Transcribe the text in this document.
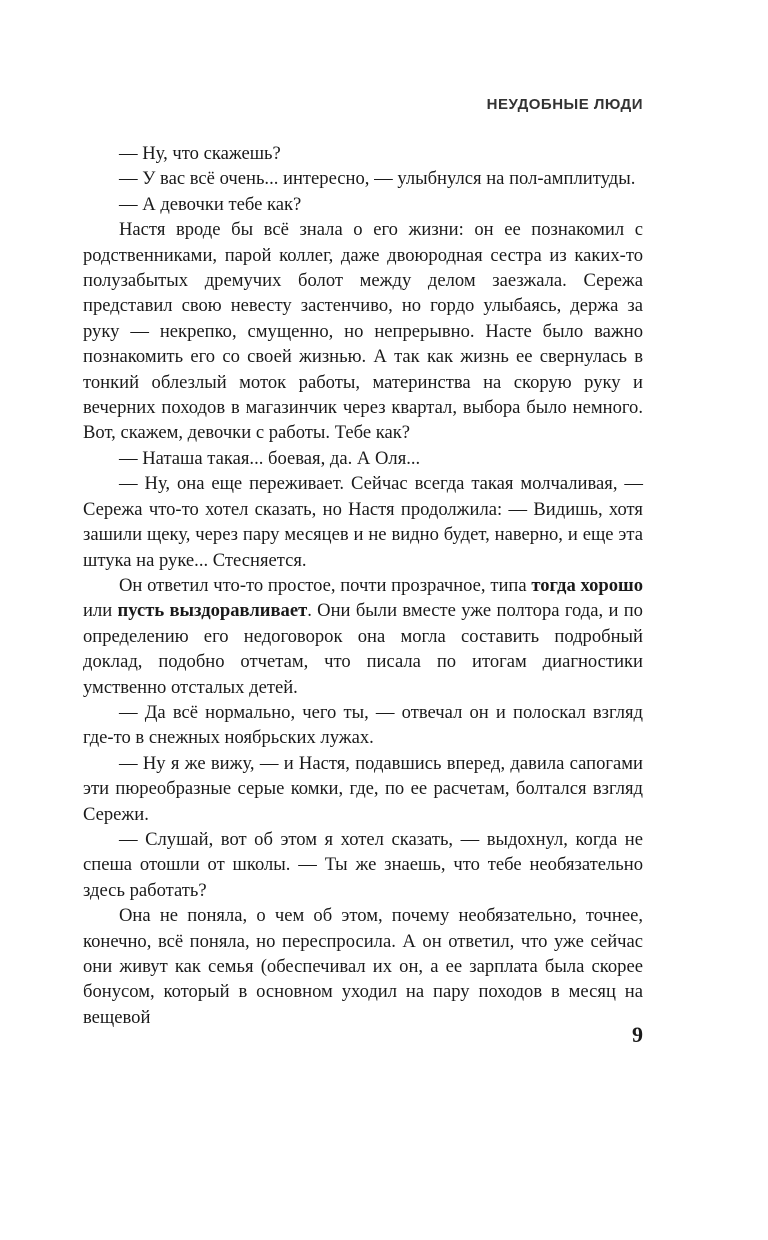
НЕУДОБНЫЕ ЛЮДИ

— Ну, что скажешь?

— У вас всё очень... интересно, — улыбнулся на пол-амплитуды.

— А девочки тебе как?

Настя вроде бы всё знала о его жизни: он ее познакомил с родственниками, парой коллег, даже двоюродная сестра из каких-то полузабытых дремучих болот между делом заезжала. Сережа представил свою невесту застенчиво, но гордо улыбаясь, держа за руку — некрепко, смущенно, но непрерывно. Насте было важно познакомить его со своей жизнью. А так как жизнь ее свернулась в тонкий облезлый моток работы, материнства на скорую руку и вечерних походов в магазинчик через квартал, выбора было немного. Вот, скажем, девочки с работы. Тебе как?

— Наташа такая... боевая, да. А Оля...

— Ну, она еще переживает. Сейчас всегда такая молчаливая, — Сережа что-то хотел сказать, но Настя продолжила: — Видишь, хотя зашили щеку, через пару месяцев и не видно будет, наверно, и еще эта штука на руке... Стесняется.

Он ответил что-то простое, почти прозрачное, типа тогда хорошо или пусть выздоравливает. Они были вместе уже полтора года, и по определению его недоговорок она могла составить подробный доклад, подобно отчетам, что писала по итогам диагностики умственно отсталых детей.

— Да всё нормально, чего ты, — отвечал он и полоскал взгляд где-то в снежных ноябрьских лужах.

— Ну я же вижу, — и Настя, подавшись вперед, давила сапогами эти пюреобразные серые комки, где, по ее расчетам, болтался взгляд Сережи.

— Слушай, вот об этом я хотел сказать, — выдохнул, когда не спеша отошли от школы. — Ты же знаешь, что тебе необязательно здесь работать?

Она не поняла, о чем об этом, почему необязательно, точнее, конечно, всё поняла, но переспросила. А он ответил, что уже сейчас они живут как семья (обеспечивал их он, а ее зарплата была скорее бонусом, который в основном уходил на пару походов в месяц на вещевой

9
